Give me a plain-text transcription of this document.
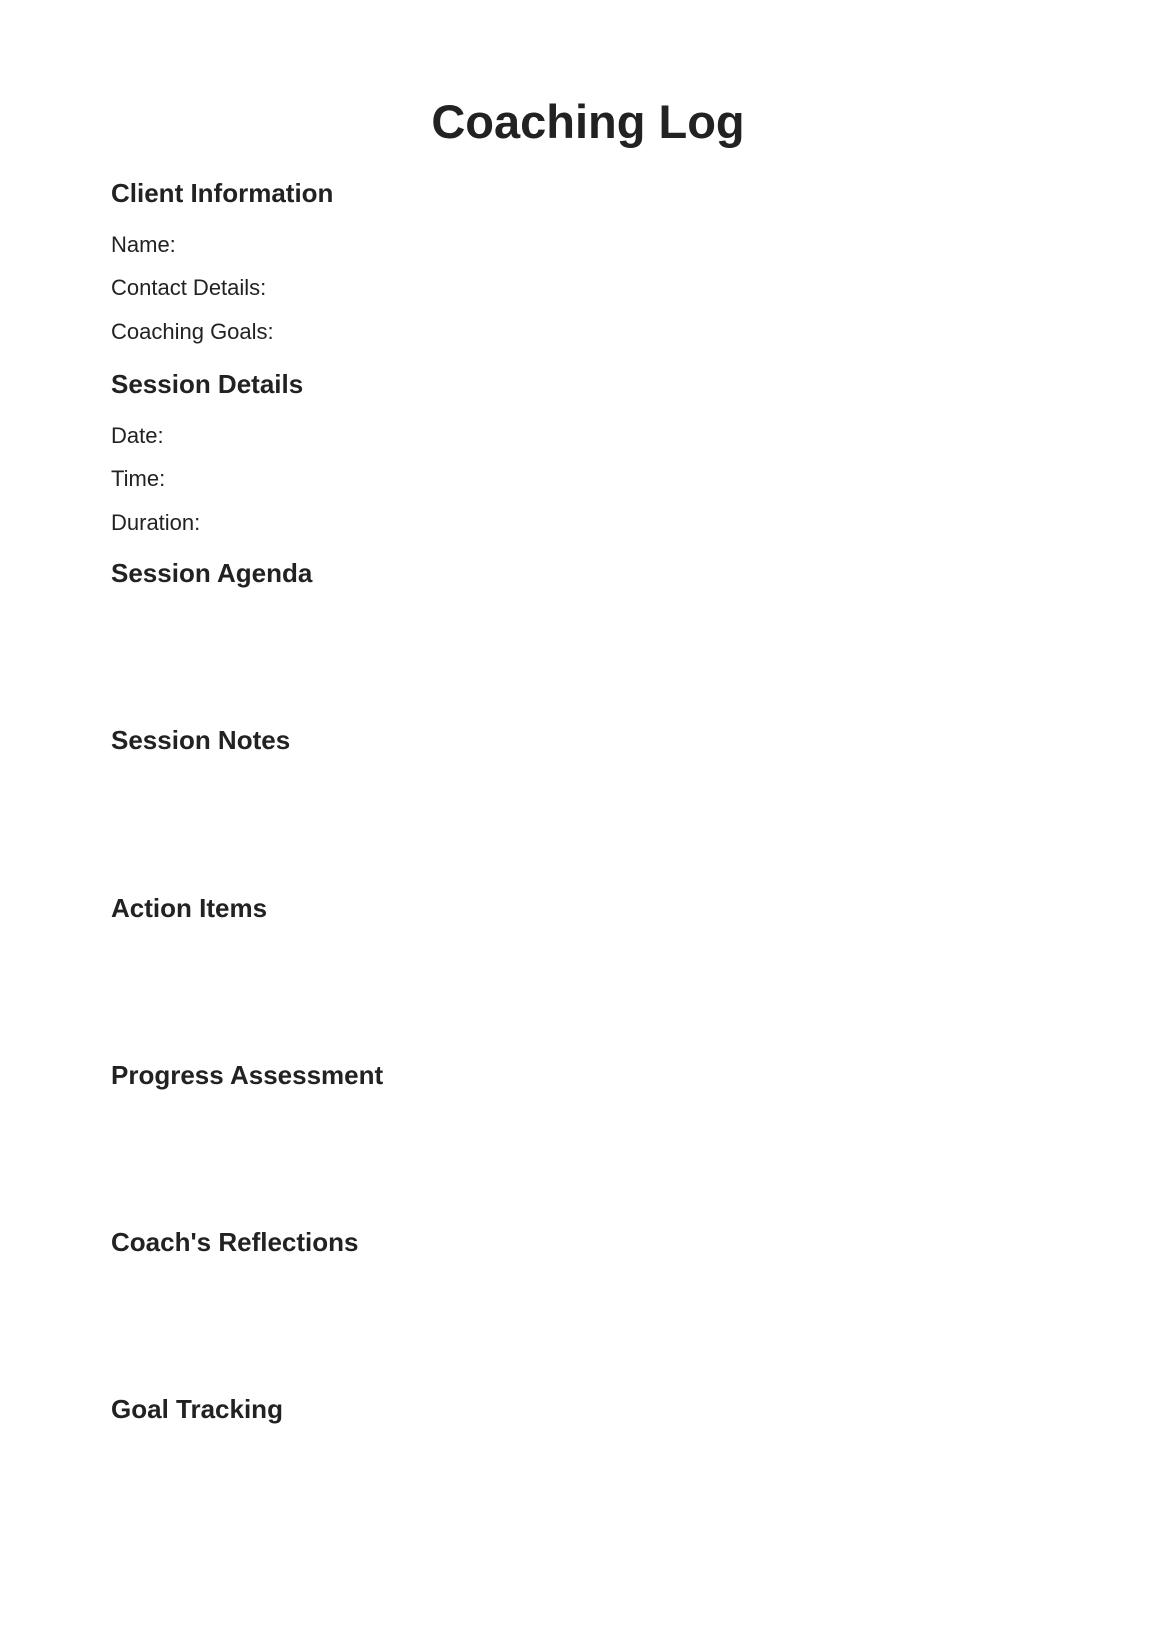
Coaching Log
Client Information
Name:
Contact Details:
Coaching Goals:
Session Details
Date:
Time:
Duration:
Session Agenda
Session Notes
Action Items
Progress Assessment
Coach's Reflections
Goal Tracking
